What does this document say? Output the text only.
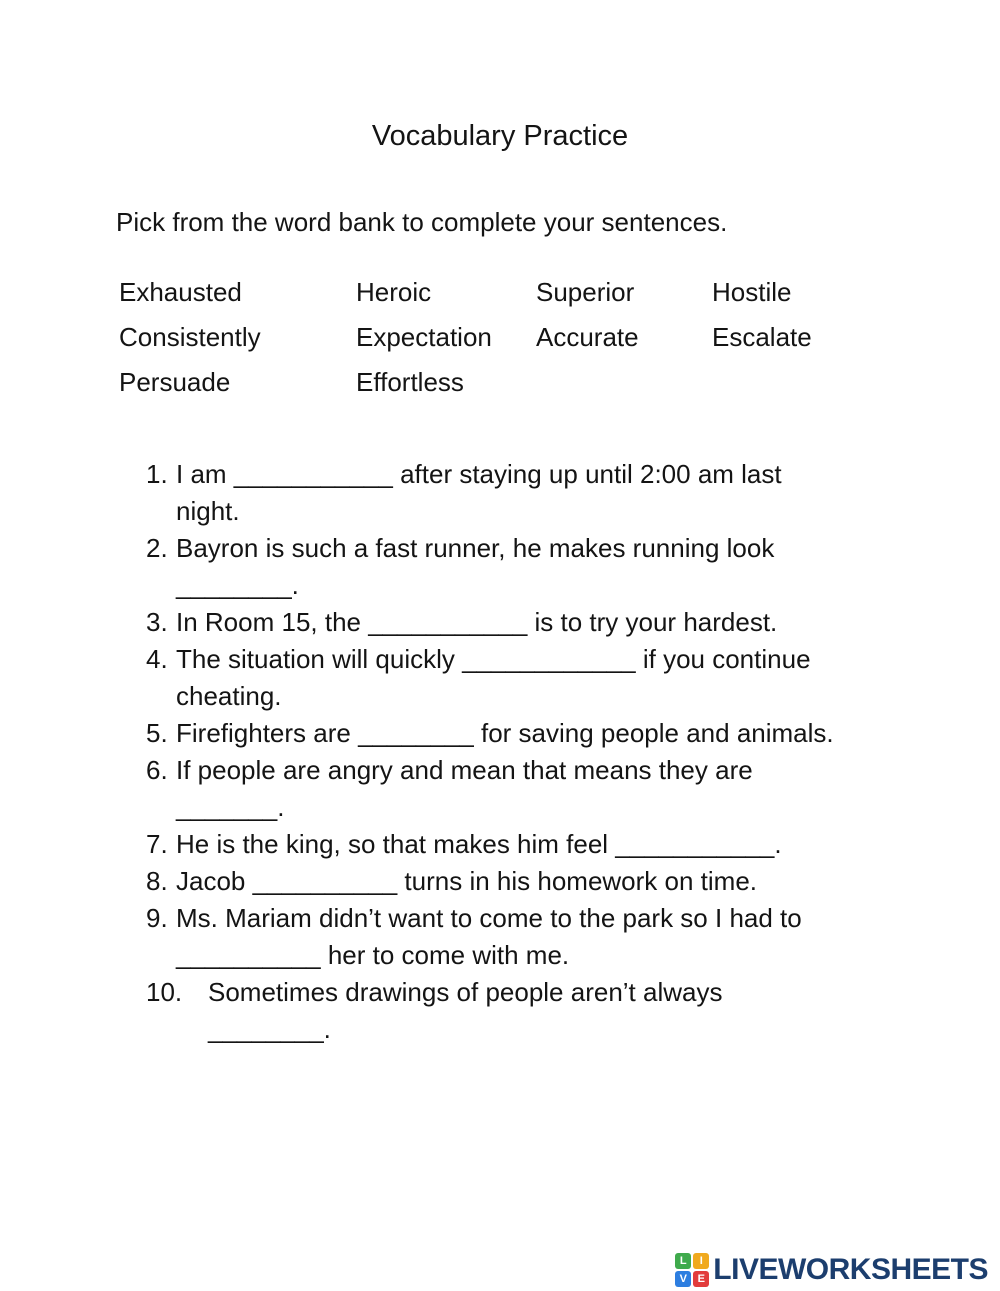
Vocabulary Practice

Pick from the word bank to complete your sentences.

Exhausted	Heroic	Superior	Hostile
Consistently	Expectation	Accurate	Escalate
Persuade	Effortless
1. I am ___________ after staying up until 2:00 am last
night.
2. Bayron is such a fast runner, he makes running look
________.
3. In Room 15, the ___________ is to try your hardest.
4. The situation will quickly ____________ if you continue
cheating.
5. Firefighters are ________ for saving people and animals.
6. If people are angry and mean that means they are
_______.
7. He is the king, so that makes him feel ___________.
8. Jacob __________ turns in his homework on time.
9. Ms. Mariam didn’t want to come to the park so I had to
__________ her to come with me.
10. Sometimes drawings of people aren’t always
________.
L	I
V E LIVEWORKSHEETS
